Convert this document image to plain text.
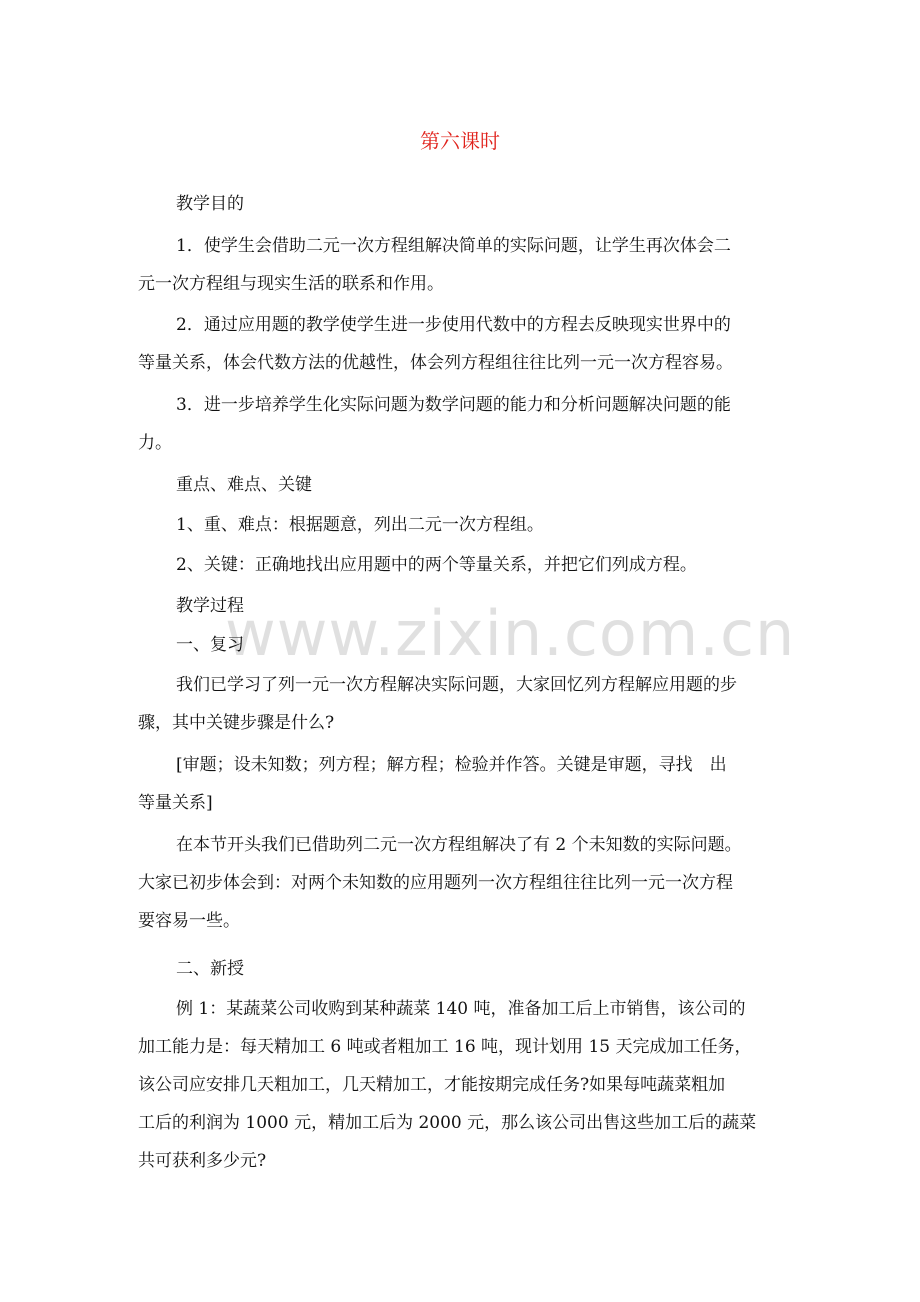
第六课时
www.zixin.com.cn
教学目的
1．使学生会借助二元一次方程组解决简单的实际问题，让学生再次体会二
元一次方程组与现实生活的联系和作用。
2．通过应用题的教学使学生进一步使用代数中的方程去反映现实世界中的
等量关系，体会代数方法的优越性，体会列方程组往往比列一元一次方程容易。
3．进一步培养学生化实际问题为数学问题的能力和分析问题解决问题的能
力。
重点、难点、关键
1、重、难点：根据题意，列出二元一次方程组。
2、关键：正确地找出应用题中的两个等量关系，并把它们列成方程。
教学过程
一、复习
我们已学习了列一元一次方程解决实际问题，大家回忆列方程解应用题的步
骤，其中关键步骤是什么?
[审题；设未知数；列方程；解方程；检验并作答。关键是审题，寻找　出
等量关系]
在本节开头我们已借助列二元一次方程组解决了有 2 个未知数的实际问题。
大家已初步体会到：对两个未知数的应用题列一次方程组往往比列一元一次方程
要容易一些。
二、新授
例 1：某蔬菜公司收购到某种蔬菜 140 吨，准备加工后上市销售，该公司的
加工能力是：每天精加工 6 吨或者粗加工 16 吨，现计划用 15 天完成加工任务，
该公司应安排几天粗加工，几天精加工，才能按期完成任务?如果每吨蔬菜粗加
工后的利润为 1000 元，精加工后为 2000 元，那么该公司出售这些加工后的蔬菜
共可获利多少元?
